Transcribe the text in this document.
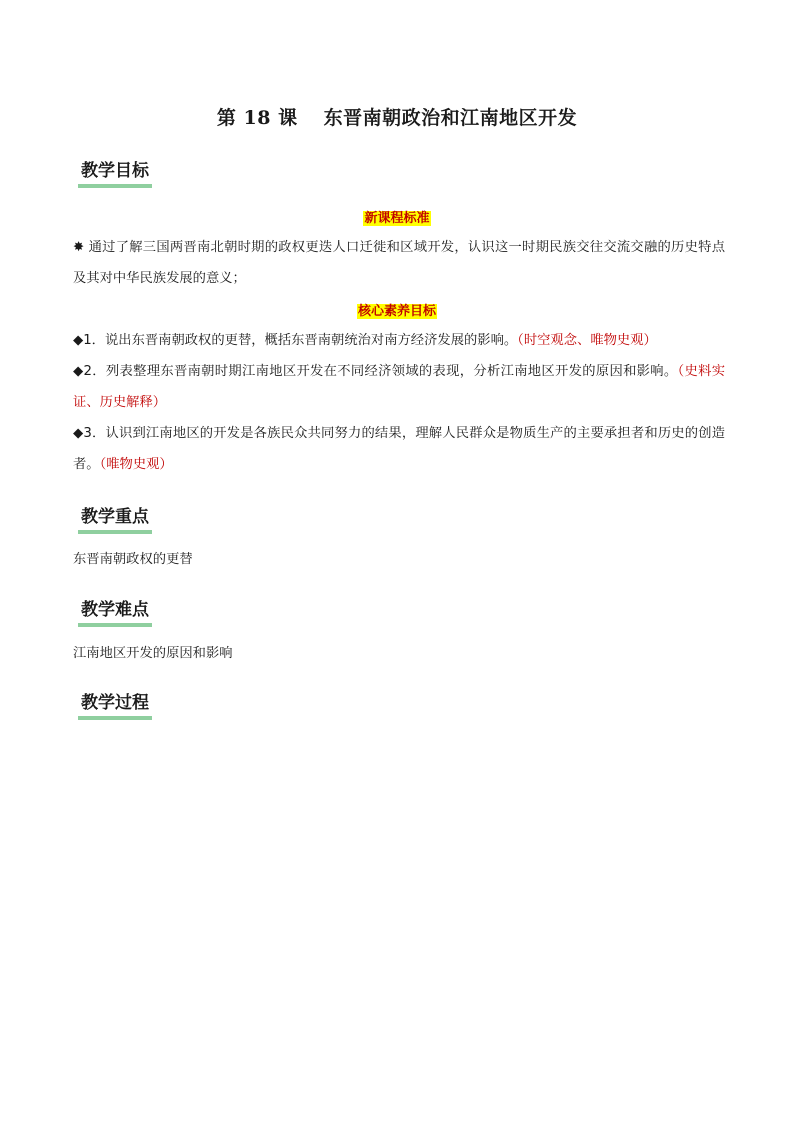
第 18 课 东晋南朝政治和江南地区开发
教学目标
新课程标准
✸ 通过了解三国两晋南北朝时期的政权更迭人口迁徙和区域开发，认识这一时期民族交往交流交融的历史特点及其对中华民族发展的意义；
核心素养目标
◆1．说出东晋南朝政权的更替，概括东晋南朝统治对南方经济发展的影响。（时空观念、唯物史观）
◆2．列表整理东晋南朝时期江南地区开发在不同经济领域的表现，分析江南地区开发的原因和影响。（史料实证、历史解释）
◆3．认识到江南地区的开发是各族民众共同努力的结果，理解人民群众是物质生产的主要承担者和历史的创造者。（唯物史观）
教学重点
东晋南朝政权的更替
教学难点
江南地区开发的原因和影响
教学过程
